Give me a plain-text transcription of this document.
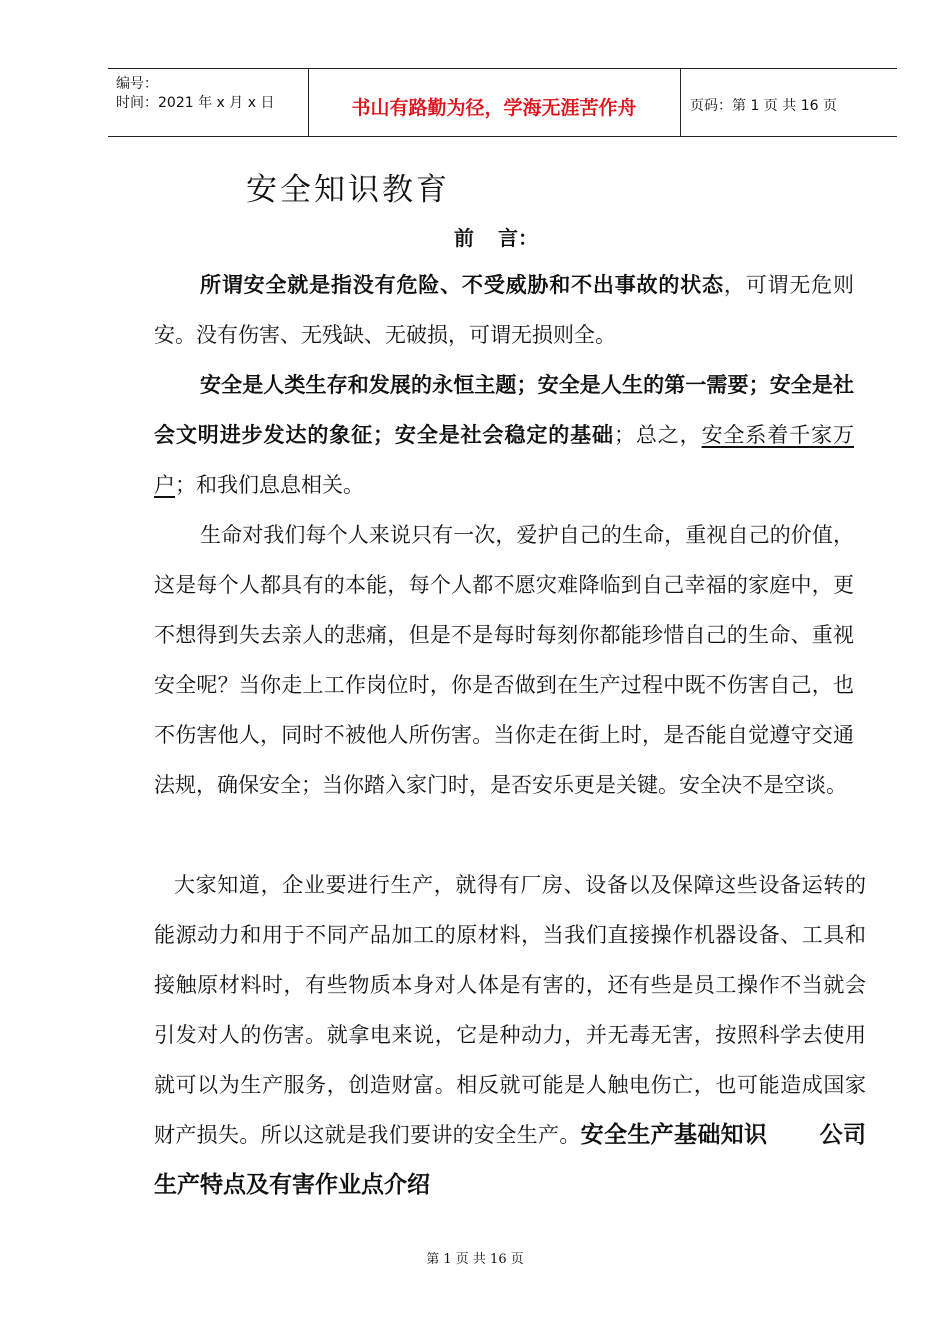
编号：
时间：2021 年 x 月 x 日	书山有路勤为径，学海无涯苦作舟	页码：第 1 页 共 16 页
安全知识教育
前 言：
所谓安全就是指没有危险、不受威胁和不出事故的状态，可谓无危则安。没有伤害、无残缺、无破损，可谓无损则全。
安全是人类生存和发展的永恒主题；安全是人生的第一需要；安全是社会文明进步发达的象征；安全是社会稳定的基础；总之，安全系着千家万户；和我们息息相关。
生命对我们每个人来说只有一次，爱护自己的生命，重视自己的价值，这是每个人都具有的本能，每个人都不愿灾难降临到自己幸福的家庭中，更不想得到失去亲人的悲痛，但是不是每时每刻你都能珍惜自己的生命、重视安全呢？当你走上工作岗位时，你是否做到在生产过程中既不伤害自己，也不伤害他人，同时不被他人所伤害。当你走在街上时，是否能自觉遵守交通法规，确保安全；当你踏入家门时，是否安乐更是关键。安全决不是空谈。
大家知道，企业要进行生产，就得有厂房、设备以及保障这些设备运转的能源动力和用于不同产品加工的原材料，当我们直接操作机器设备、工具和接触原材料时，有些物质本身对人体是有害的，还有些是员工操作不当就会引发对人的伤害。就拿电来说，它是种动力，并无毒无害，按照科学去使用就可以为生产服务，创造财富。相反就可能是人触电伤亡，也可能造成国家财产损失。所以这就是我们要讲的安全生产。安全生产基础知识 公司生产特点及有害作业点介绍
第 1 页 共 16 页
